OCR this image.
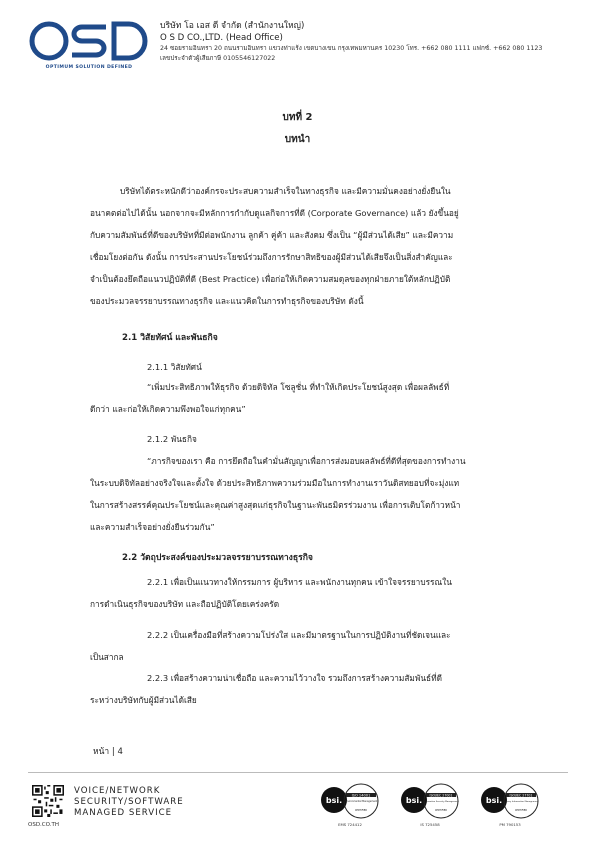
OPTIMUM SOLUTION DEFINED
บริษัท โอ เอส ดี จำกัด (สำนักงานใหญ่)
O S D CO.,LTD. (Head Office)
24 ซอยรามอินทรา 20 ถนนรามอินทรา แขวงท่าแร้ง เขตบางเขน กรุงเทพมหานคร 10230 โทร. +662 080 1111 แฟกซ์. +662 080 1123
เลขประจำตัวผู้เสียภาษี 0105546127022
บทที่ 2
บทนำ
บริษัทได้ตระหนักดีว่าองค์กรจะประสบความสำเร็จในทางธุรกิจ และมีความมั่นคงอย่างยั่งยืนใน
อนาคตต่อไปได้นั้น นอกจากจะมีหลักการกำกับดูแลกิจการที่ดี (Corporate Governance) แล้ว ยังขึ้นอยู่
กับความสัมพันธ์ที่ดีของบริษัทที่มีต่อพนักงาน ลูกค้า คู่ค้า และสังคม ซึ่งเป็น “ผู้มีส่วนได้เสีย” และมีความ
เชื่อมโยงต่อกัน ดังนั้น การประสานประโยชน์ร่วมถึงการรักษาสิทธิของผู้มีส่วนได้เสียจึงเป็นสิ่งสำคัญและ
จำเป็นต้องยึดถือแนวปฏิบัติที่ดี (Best Practice) เพื่อก่อให้เกิดความสมดุลของทุกฝ่ายภายใต้หลักปฏิบัติ
ของประมวลจรรยาบรรณทางธุรกิจ และแนวคิดในการทำธุรกิจของบริษัท ดังนี้
2.1 วิสัยทัศน์ และพันธกิจ
2.1.1 วิสัยทัศน์
“เพิ่มประสิทธิภาพให้ธุรกิจ ด้วยดิจิทัล โซลูชั่น ที่ทำให้เกิดประโยชน์สูงสุด เพื่อผลลัพธ์ที่
ดีกว่า และก่อให้เกิดความพึงพอใจแก่ทุกคน”
2.1.2 พันธกิจ
“ภารกิจของเรา คือ การยึดถือในคำมั่นสัญญาเพื่อการส่งมอบผลลัพธ์ที่ดีที่สุดของการทำงาน
ในระบบดิจิทัลอย่างจริงใจและตั้งใจ ด้วยประสิทธิภาพความร่วมมือในการทำงานเราวันดิสทยอบที่จะมุ่งแท
ในการสร้างสรรค์คุณประโยชน์และคุณค่าสูงสุดแก่ธุรกิจในฐานะพันธมิตรร่วมงาน เพื่อการเติบโตก้าวหน้า
และความสำเร็จอย่างยั่งยืนร่วมกัน”
2.2 วัตถุประสงค์ของประมวลจรรยาบรรณทางธุรกิจ
2.2.1 เพื่อเป็นแนวทางให้กรรมการ ผู้บริหาร และพนักงานทุกคน เข้าใจจรรยาบรรณใน
การดำเนินธุรกิจของบริษัท และถือปฏิบัติโดยเคร่งครัด
2.2.2 เป็นเครื่องมือที่สร้างความโปร่งใส และมีมาตรฐานในการปฏิบัติงานที่ชัดเจนและ
เป็นสากล
2.2.3 เพื่อสร้างความน่าเชื่อถือ และความไว้วางใจ รวมถึงการสร้างความสัมพันธ์ที่ดี
ระหว่างบริษัทกับผู้มีส่วนได้เสีย
หน้า | 4
OSD.CO.TH
VOICE/NETWORK
SECURITY/SOFTWARE
MANAGED SERVICE
bsi.
ISO 14001
Environmental Management
CERTIFIED
EMS 724412
bsi.
ISO/IEC 27001
Information Security Management
CERTIFIED
IS 725458
bsi.
ISO/IEC 27701
Privacy Information Management
CERTIFIED
PM 790153
